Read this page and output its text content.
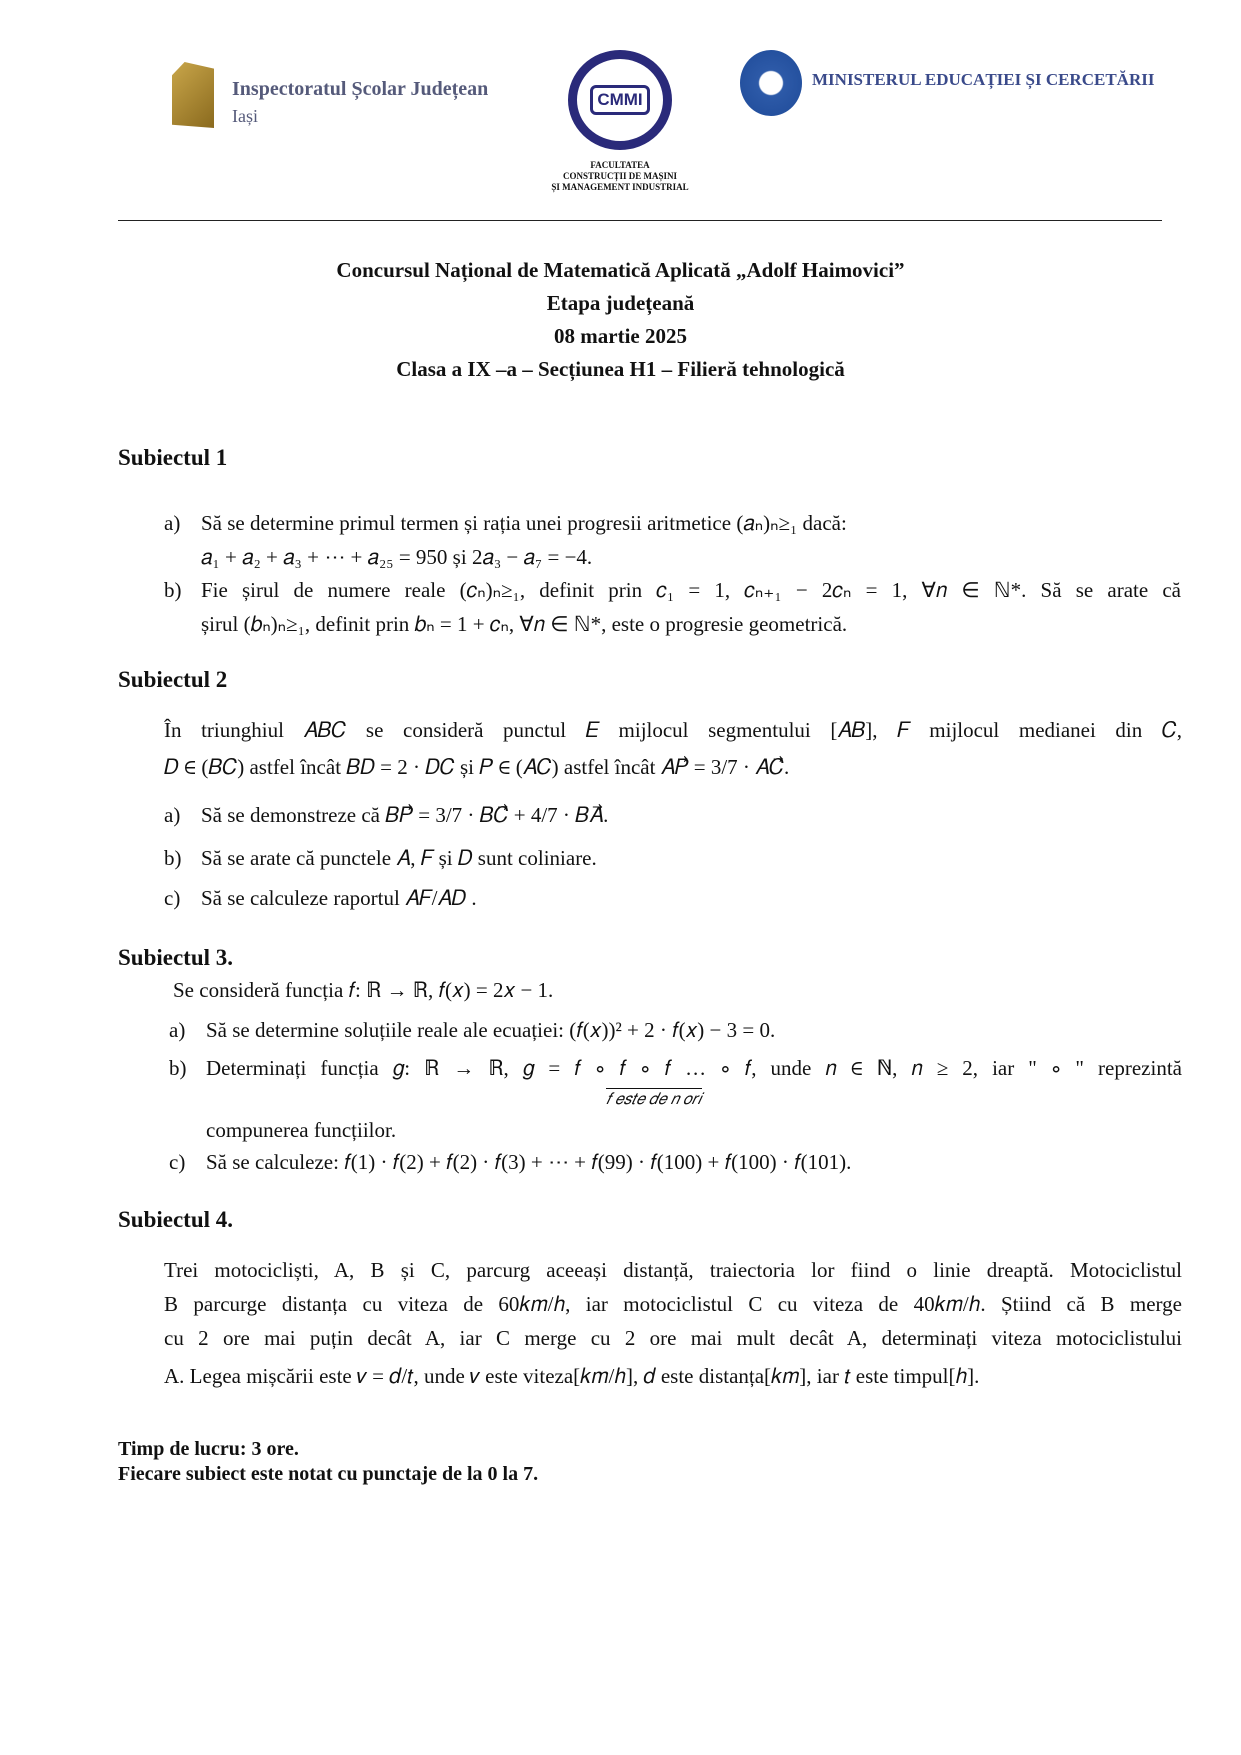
Inspectoratul Școlar Județean
Iași
CMMI
FACULTATEA
CONSTRUCȚII DE MAȘINI
ȘI MANAGEMENT INDUSTRIAL
MINISTERUL EDUCAȚIEI ȘI CERCETĂRII
Concursul Național de Matematică Aplicată „Adolf Haimovici”
Etapa județeană
08 martie 2025
Clasa a IX –a – Secțiunea H1 – Filieră tehnologică
Subiectul 1
a) Să se determine primul termen și rația unei progresii aritmetice (𝑎ₙ)ₙ≥₁ dacă:
𝑎₁ + 𝑎₂ + 𝑎₃ + ⋯ + 𝑎₂₅ = 950 și 2𝑎₃ − 𝑎₇ = −4.
b) Fie șirul de numere reale (𝑐ₙ)ₙ≥₁, definit prin 𝑐₁ = 1, 𝑐ₙ₊₁ − 2𝑐ₙ = 1, ∀𝑛 ∈ ℕ*. Să se arate că
șirul (𝑏ₙ)ₙ≥₁, definit prin 𝑏ₙ = 1 + 𝑐ₙ, ∀𝑛 ∈ ℕ*, este o progresie geometrică.
Subiectul 2
În triunghiul 𝐴𝐵𝐶 se consideră punctul 𝐸 mijlocul segmentului [𝐴𝐵], 𝐹 mijlocul medianei din 𝐶,
𝐷 ∈ (𝐵𝐶) astfel încât 𝐵𝐷 = 2 · 𝐷𝐶 și 𝑃 ∈ (𝐴𝐶) astfel încât 𝐴𝑃⃗ = 3/7 · 𝐴𝐶⃗.
a) Să se demonstreze că 𝐵𝑃⃗ = 3/7 · 𝐵𝐶⃗ + 4/7 · 𝐵𝐴⃗.
b) Să se arate că punctele 𝐴, 𝐹 și 𝐷 sunt coliniare.
c) Să se calculeze raportul 𝐴𝐹/𝐴𝐷 .
Subiectul 3.
Se consideră funcția 𝑓: ℝ → ℝ, 𝑓(𝑥) = 2𝑥 − 1.
a) Să se determine soluțiile reale ale ecuației: (𝑓(𝑥))² + 2 · 𝑓(𝑥) − 3 = 0.
b) Determinați funcția 𝑔: ℝ → ℝ, 𝑔 = 𝑓 ∘ 𝑓 ∘ 𝑓 … ∘ 𝑓, unde 𝑛 ∈ ℕ, 𝑛 ≥ 2, iar " ∘ " reprezintă
𝑓 𝑒𝑠𝑡𝑒 𝑑𝑒 𝑛 𝑜𝑟𝑖
compunerea funcțiilor.
c) Să se calculeze: 𝑓(1) · 𝑓(2) + 𝑓(2) · 𝑓(3) + ⋯ + 𝑓(99) · 𝑓(100) + 𝑓(100) · 𝑓(101).
Subiectul 4.
Trei motocicliști, A, B și C, parcurg aceeași distanță, traiectoria lor fiind o linie dreaptă. Motociclistul
B parcurge distanța cu viteza de 60𝑘𝑚/ℎ, iar motociclistul C cu viteza de 40𝑘𝑚/ℎ. Știind că B merge
cu 2 ore mai puțin decât A, iar C merge cu 2 ore mai mult decât A, determinați viteza motociclistului
A. Legea mișcării este 𝑣 = 𝑑/𝑡, unde 𝑣 este viteza[𝑘𝑚/ℎ], 𝑑 este distanța[𝑘𝑚], iar 𝑡 este timpul[ℎ].
Timp de lucru: 3 ore.
Fiecare subiect este notat cu punctaje de la 0 la 7.
